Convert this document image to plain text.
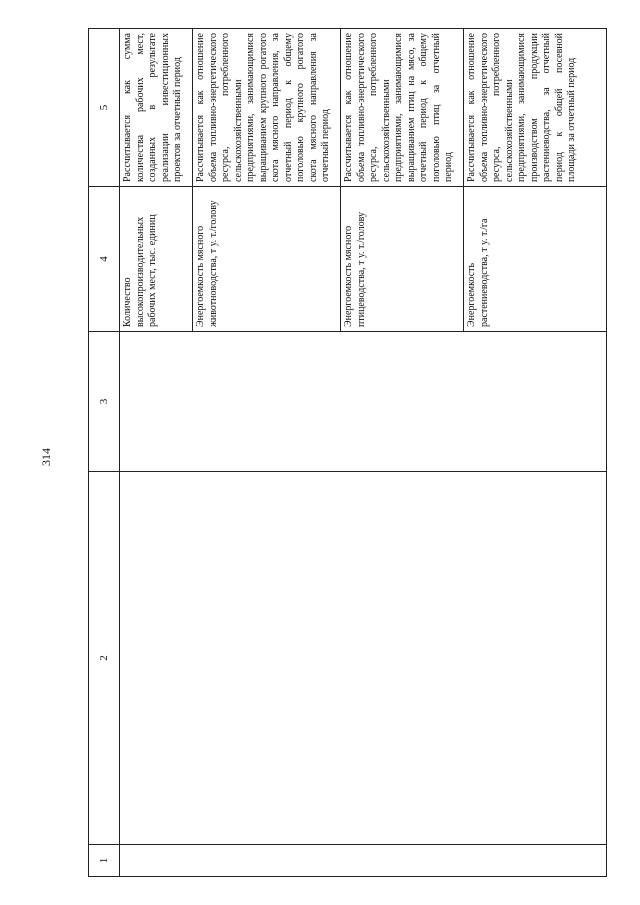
314
1	2	3	4	5
			Количество высокопроизводительных рабочих мест, тыс. единиц	Рассчитывается как сумма количества рабочих мест, созданных в результате реализации инвестиционных проектов за отчетный период
			Энергоемкость мясного животноводства, т у. т./голову	Рассчитывается как отношение объема топливно-энергетического ресурса, потребленного сельскохозяйственными предприятиями, занимающимися выращиванием крупного рогатого скота мясного направления, за отчетный период к общему поголовью крупного рогатого скота мясного направления за отчетный период
			Энергоемкость мясного птицеводства, т у. т./голову	Рассчитывается как отношение объема топливно-энергетического ресурса, потребленного сельскохозяйственными предприятиями, занимающимися выращиванием птиц на мясо, за отчетный период к общему поголовью птиц за отчетный период
			Энергоемкость растениеводства, т у. т./га	Рассчитывается как отношение объема топливно-энергетического ресурса, потребленного сельскохозяйственными предприятиями, занимающимися производством продукции растениеводства, за отчетный период к общей посевной площади за отчетный период
